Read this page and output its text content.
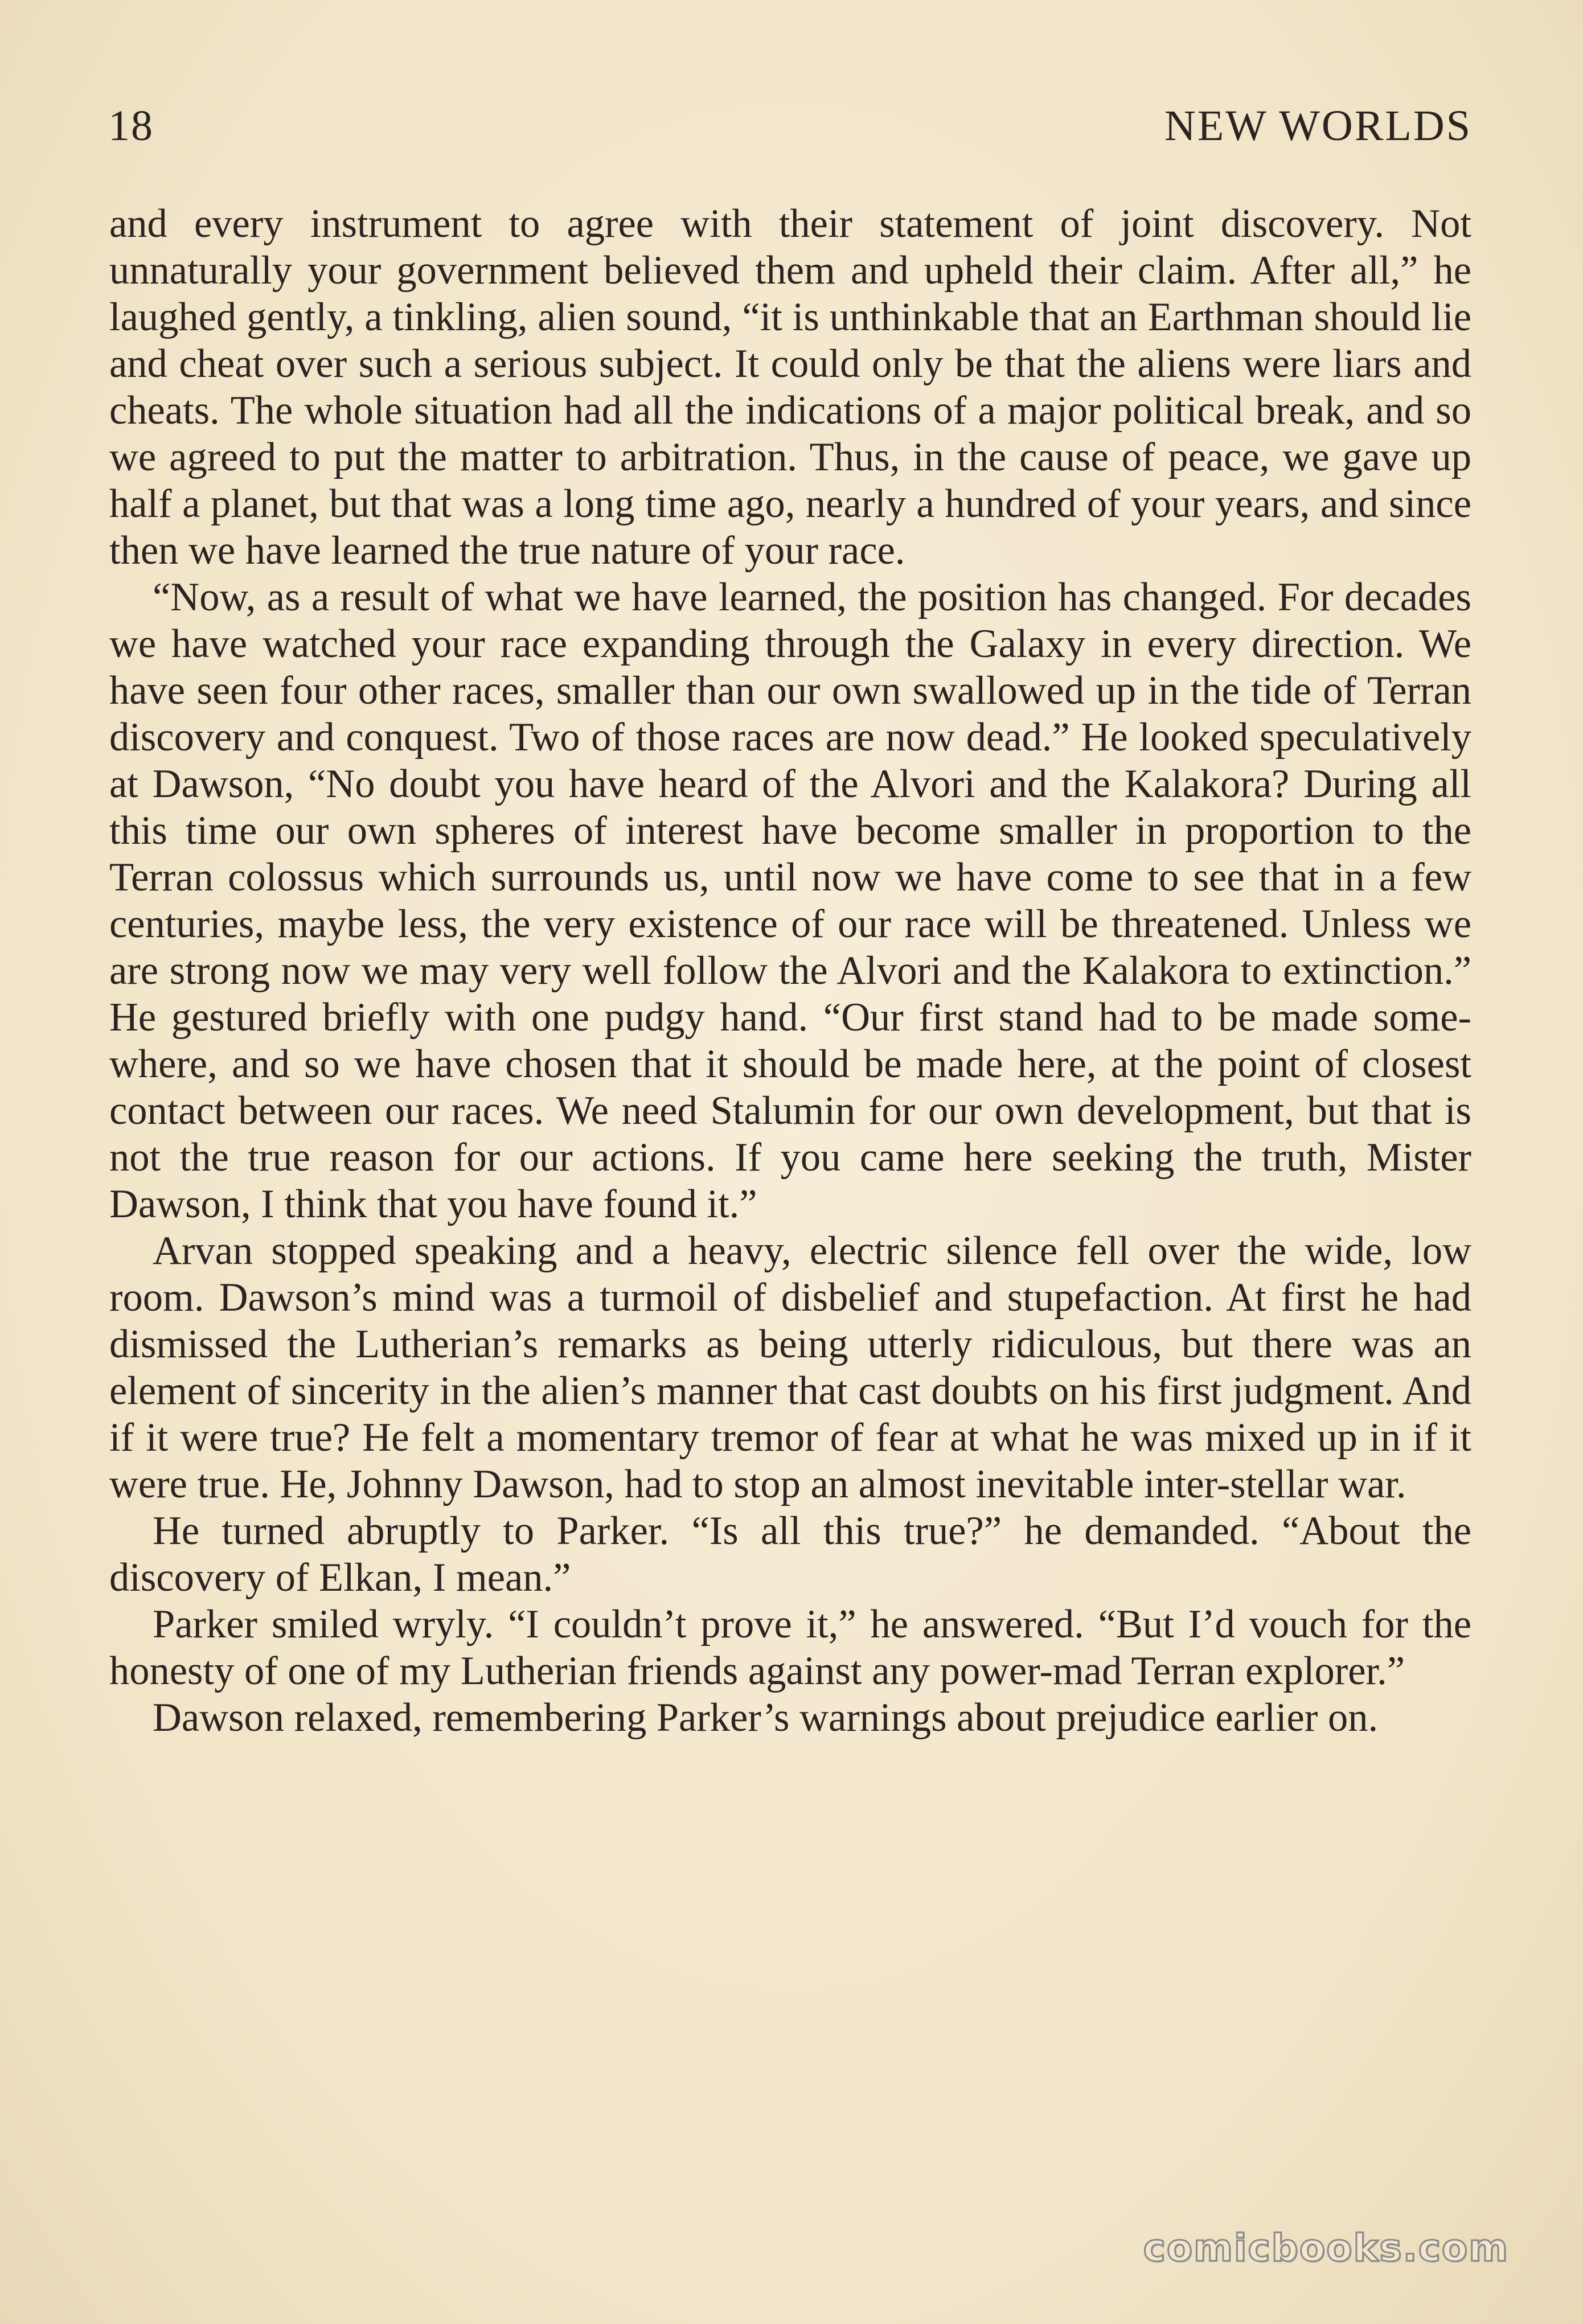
18	NEW WORLDS

and every instrument to agree with their statement of joint discovery. Not unnaturally your government believed them and upheld their claim. After all,” he laughed gently, a tinkling, alien sound, “it is unthinkable that an Earthman should lie and cheat over such a serious subject. It could only be that the aliens were liars and cheats. The whole situation had all the indications of a major political break, and so we agreed to put the matter to arbitration. Thus, in the cause of peace, we gave up half a planet, but that was a long time ago, nearly a hundred of your years, and since then we have learned the true nature of your race.

“Now, as a result of what we have learned, the position has changed. For decades we have watched your race expanding through the Galaxy in every direction. We have seen four other races, smaller than our own swallowed up in the tide of Terran discovery and conquest. Two of those races are now dead.” He looked speculatively at Dawson, “No doubt you have heard of the Alvori and the Kalakora? During all this time our own spheres of interest have become smaller in proportion to the Terran colossus which surrounds us, until now we have come to see that in a few centuries, maybe less, the very existence of our race will be threatened. Unless we are strong now we may very well follow the Alvori and the Kalakora to extinction.” He gestured briefly with one pudgy hand. “Our first stand had to be made somewhere, and so we have chosen that it should be made here, at the point of closest contact between our races. We need Stalumin for our own development, but that is not the true reason for our actions. If you came here seeking the truth, Mister Dawson, I think that you have found it.”

Arvan stopped speaking and a heavy, electric silence fell over the wide, low room. Dawson’s mind was a turmoil of disbelief and stupefaction. At first he had dismissed the Lutherian’s remarks as being utterly ridiculous, but there was an element of sincerity in the alien’s manner that cast doubts on his first judgment. And if it were true? He felt a momentary tremor of fear at what he was mixed up in if it were true. He, Johnny Dawson, had to stop an almost inevitable inter-stellar war.

He turned abruptly to Parker. “Is all this true?” he demanded. “About the discovery of Elkan, I mean.”

Parker smiled wryly. “I couldn’t prove it,” he answered. “But I’d vouch for the honesty of one of my Lutherian friends against any power-mad Terran explorer.”

Dawson relaxed, remembering Parker’s warnings about prejudice earlier on.

comicbooks.com
